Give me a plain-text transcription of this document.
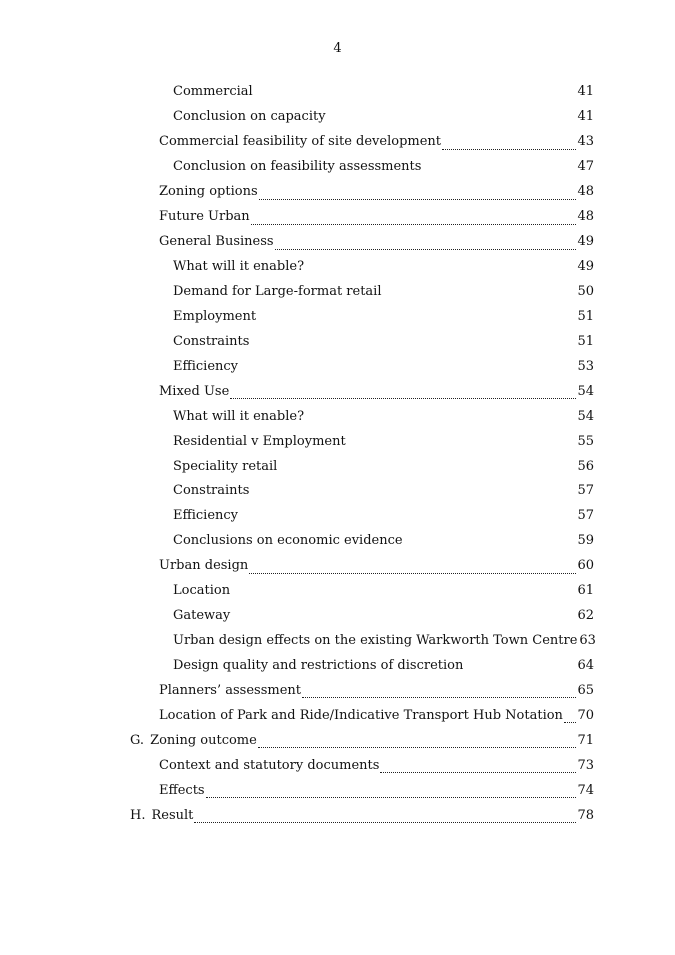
4
Commercial	41
Conclusion on capacity	41
Commercial feasibility of site development	43
Conclusion on feasibility assessments	47
Zoning options	48
Future Urban	48
General Business	49
What will it enable?	49
Demand for Large-format retail	50
Employment	51
Constraints	51
Efficiency	53
Mixed Use	54
What will it enable?	54
Residential v Employment	55
Speciality retail	56
Constraints	57
Efficiency	57
Conclusions on economic evidence	59
Urban design	60
Location	61
Gateway	62
Urban design effects on the existing Warkworth Town Centre 63
Design quality and restrictions of discretion	64
Planners’ assessment	65
Location of Park and Ride/Indicative Transport Hub Notation 70
G. Zoning outcome	71
Context and statutory documents	73
Effects	74
H. Result	78
